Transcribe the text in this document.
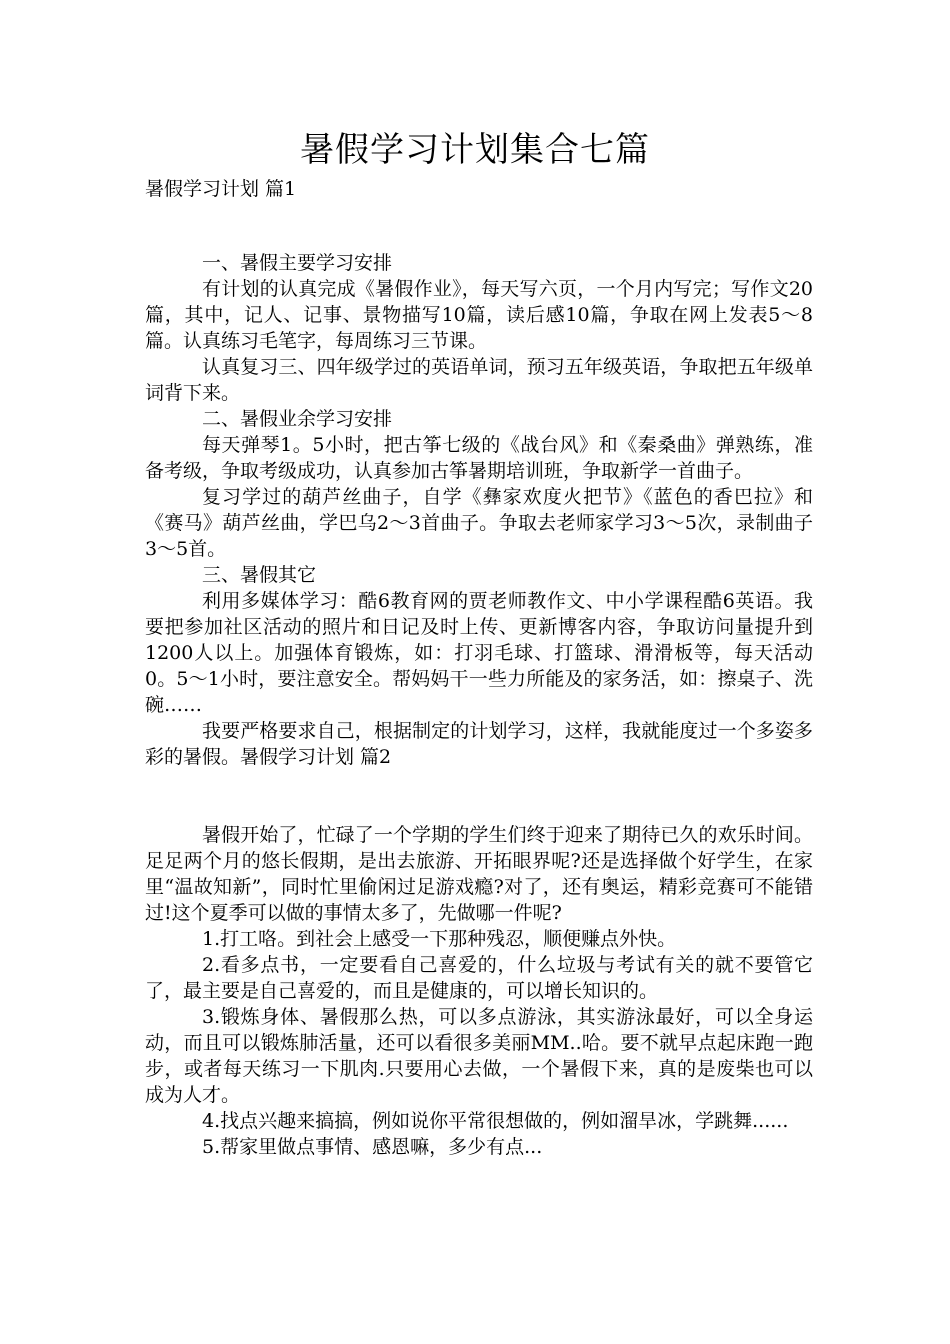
暑假学习计划集合七篇
暑假学习计划 篇1

一、暑假主要学习安排

有计划的认真完成《暑假作业》，每天写六页，一个月内写完；写作文20篇，其中，记人、记事、景物描写10篇，读后感10篇，争取在网上发表5～8篇。认真练习毛笔字，每周练习三节课。

认真复习三、四年级学过的英语单词，预习五年级英语，争取把五年级单词背下来。

二、暑假业余学习安排

每天弹琴1。5小时，把古筝七级的《战台风》和《秦桑曲》弹熟练，准备考级，争取考级成功，认真参加古筝暑期培训班，争取新学一首曲子。

复习学过的葫芦丝曲子，自学《彝家欢度火把节》《蓝色的香巴拉》和《赛马》葫芦丝曲，学巴乌2～3首曲子。争取去老师家学习3～5次，录制曲子3～5首。

三、暑假其它

利用多媒体学习：酷6教育网的贾老师教作文、中小学课程酷6英语。我要把参加社区活动的照片和日记及时上传、更新博客内容，争取访问量提升到1200人以上。加强体育锻炼，如：打羽毛球、打篮球、滑滑板等，每天活动0。5～1小时，要注意安全。帮妈妈干一些力所能及的家务活，如：擦桌子、洗碗……

我要严格要求自己，根据制定的计划学习，这样，我就能度过一个多姿多彩的暑假。暑假学习计划 篇2

暑假开始了，忙碌了一个学期的学生们终于迎来了期待已久的欢乐时间。足足两个月的悠长假期，是出去旅游、开拓眼界呢?还是选择做个好学生，在家里“温故知新”，同时忙里偷闲过足游戏瘾?对了，还有奥运，精彩竞赛可不能错过!这个夏季可以做的事情太多了，先做哪一件呢?

1.打工咯。到社会上感受一下那种残忍，顺便赚点外快。

2.看多点书，一定要看自己喜爱的，什么垃圾与考试有关的就不要管它了，最主要是自己喜爱的，而且是健康的，可以增长知识的。

3.锻炼身体、暑假那么热，可以多点游泳，其实游泳最好，可以全身运动，而且可以锻炼肺活量，还可以看很多美丽MM..哈。要不就早点起床跑一跑步，或者每天练习一下肌肉.只要用心去做，一个暑假下来，真的是废柴也可以成为人才。

4.找点兴趣来搞搞，例如说你平常很想做的，例如溜旱冰，学跳舞......

5.帮家里做点事情、感恩嘛，多少有点...
